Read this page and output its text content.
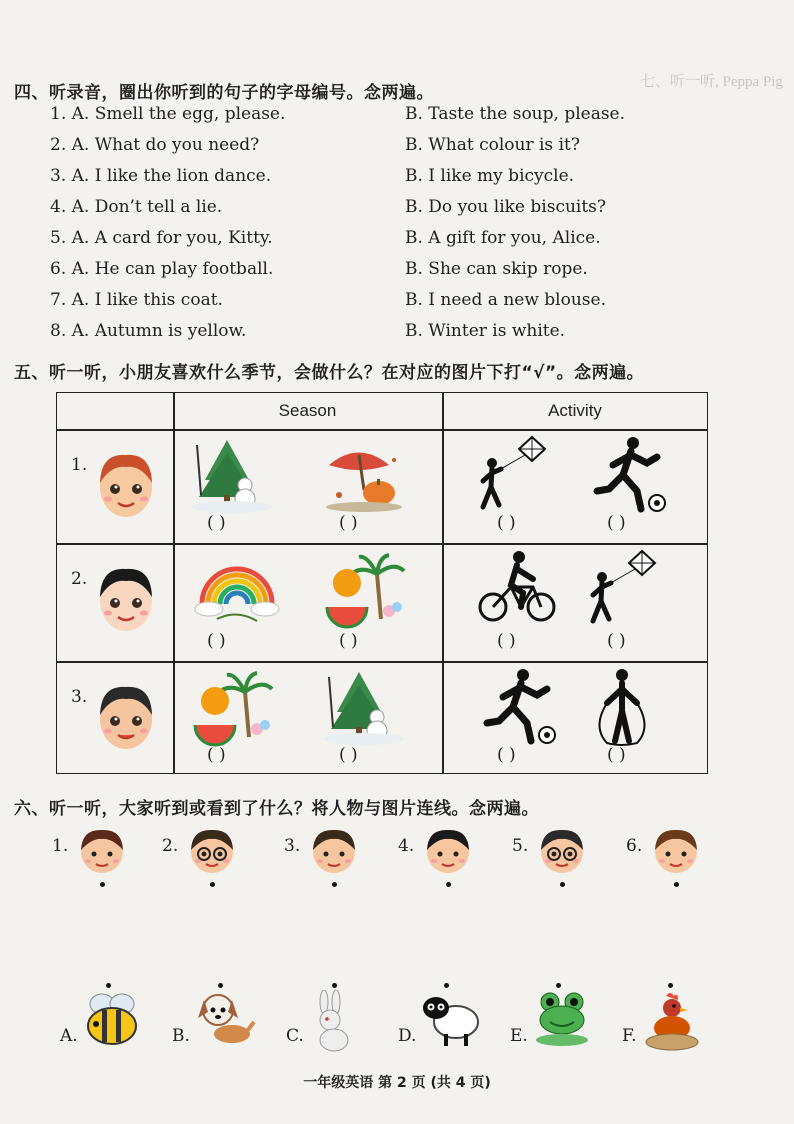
七、听一听, Peppa Pig
四、听录音，圈出你听到的句子的字母编号。念两遍。
1. A. Smell the egg, please.	B. Taste the soup, please.
2. A. What do you need?	B. What colour is it?
3. A. I like the lion dance.	B. I like my bicycle.
4. A. Don’t tell a lie.	B. Do you like biscuits?
5. A. A card for you, Kitty.	B. A gift for you, Alice.
6. A. He can play football.	B. She can skip rope.
7. A. I like this coat.	B. I need a new blouse.
8. A. Autumn is yellow.	B. Winter is white.
五、听一听，小朋友喜欢什么季节，会做什么？在对应的图片下打“√”。念两遍。
Season	Activity
1.
( )	( )	( )	( )
2.
( )	( )	( )	( )
3.
( )	( )	( )	( )
六、听一听，大家听到或看到了什么？将人物与图片连线。念两遍。
1.	2.	3.	4.	5.	6.
A.	B.	C.	D.	E.	F.
一年级英语 第 2 页 (共 4 页)
